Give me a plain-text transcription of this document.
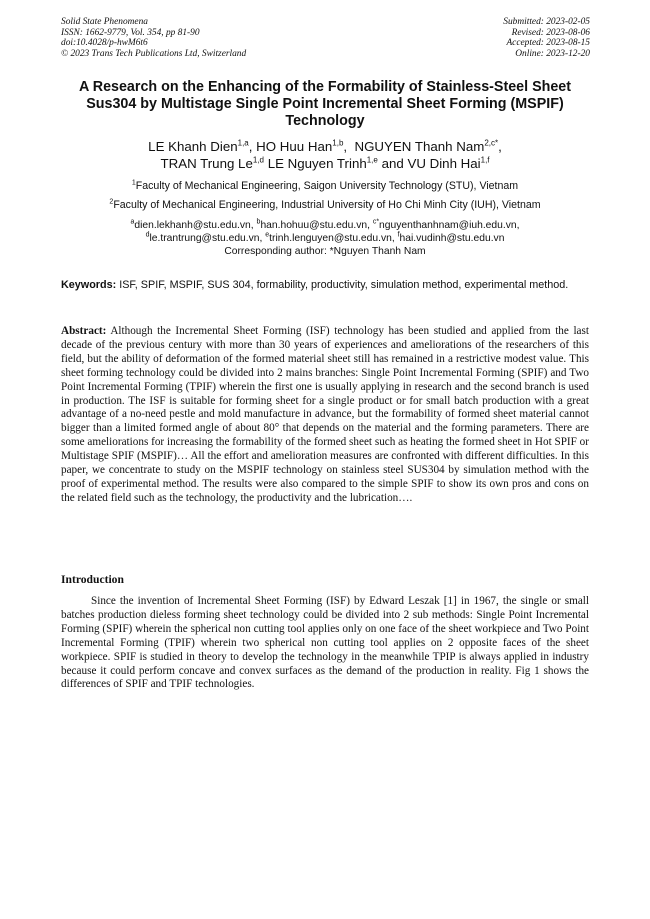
Solid State Phenomena
ISSN: 1662-9779, Vol. 354, pp 81-90
doi:10.4028/p-hwM6t6
© 2023 Trans Tech Publications Ltd, Switzerland
Submitted: 2023-02-05
Revised: 2023-08-06
Accepted: 2023-08-15
Online: 2023-12-20
A Research on the Enhancing of the Formability of Stainless-Steel Sheet Sus304 by Multistage Single Point Incremental Sheet Forming (MSPIF) Technology
LE Khanh Dien$^{1,a}$, HO Huu Han$^{1,b}$,  NGUYEN Thanh Nam$^{2,c*}$,
TRAN Trung Le$^{1,d}$ LE Nguyen Trinh$^{1,e}$ and VU Dinh Hai$^{1,f}$
$^1$Faculty of Mechanical Engineering, Saigon University Technology (STU), Vietnam
$^2$Faculty of Mechanical Engineering, Industrial University of Ho Chi Minh City (IUH), Vietnam
$^a$dien.lekhanh@stu.edu.vn, $^b$han.hohuu@stu.edu.vn, $^{c*}$nguyenthanhnam@iuh.edu.vn,
$^d$le.trantrung@stu.edu.vn, $^e$trinh.lenguyen@stu.edu.vn, $^f$hai.vudinh@stu.edu.vn
Corresponding author: *Nguyen Thanh Nam
Keywords: ISF, SPIF, MSPIF, SUS 304, formability, productivity, simulation method, experimental method.

Abstract: Although the Incremental Sheet Forming (ISF) technology has been studied and applied from the last decade of the previous century with more than 30 years of experiences and ameliorations of the researchers of this field, but the ability of deformation of the formed material sheet still has remained in a restrictive modest value. This sheet forming technology could be divided into 2 mains branches: Single Point Incremental Forming (SPIF) and Two Point Incremental Forming (TPIF) wherein the first one is usually applying in research and the second branch is used in production. The ISF is suitable for forming sheet for a single product or for small batch production with a great advantage of a no-need pestle and mold manufacture in advance, but the formability of formed sheet material cannot bigger than a limited formed angle of about 80° that depends on the material and the forming parameters. There are some ameliorations for increasing the formability of the formed sheet such as heating the formed sheet in Hot SPIF or Multistage SPIF (MSPIF)… All the effort and amelioration measures are confronted with different difficulties. In this paper, we concentrate to study on the MSPIF technology on stainless steel SUS304 by simulation method with the proof of experimental method. The results were also compared to the simple SPIF to show its own pros and cons on the related field such as the technology, the productivity and the lubrication….

Introduction

Since the invention of Incremental Sheet Forming (ISF) by Edward Leszak [1] in 1967, the single or small batches production dieless forming sheet technology could be divided into 2 sub methods: Single Point Incremental Forming (SPIF) wherein the spherical non cutting tool applies only on one face of the sheet workpiece and Two Point Incremental Forming (TPIF) wherein two spherical non cutting tool applies on 2 opposite faces of the sheet workpiece. SPIF is studied in theory to develop the technology in the meanwhile TPIP is always applied in industry because it could perform concave and convex surfaces as the demand of the production in reality. Fig 1 shows the differences of SPIF and TPIF technologies.
